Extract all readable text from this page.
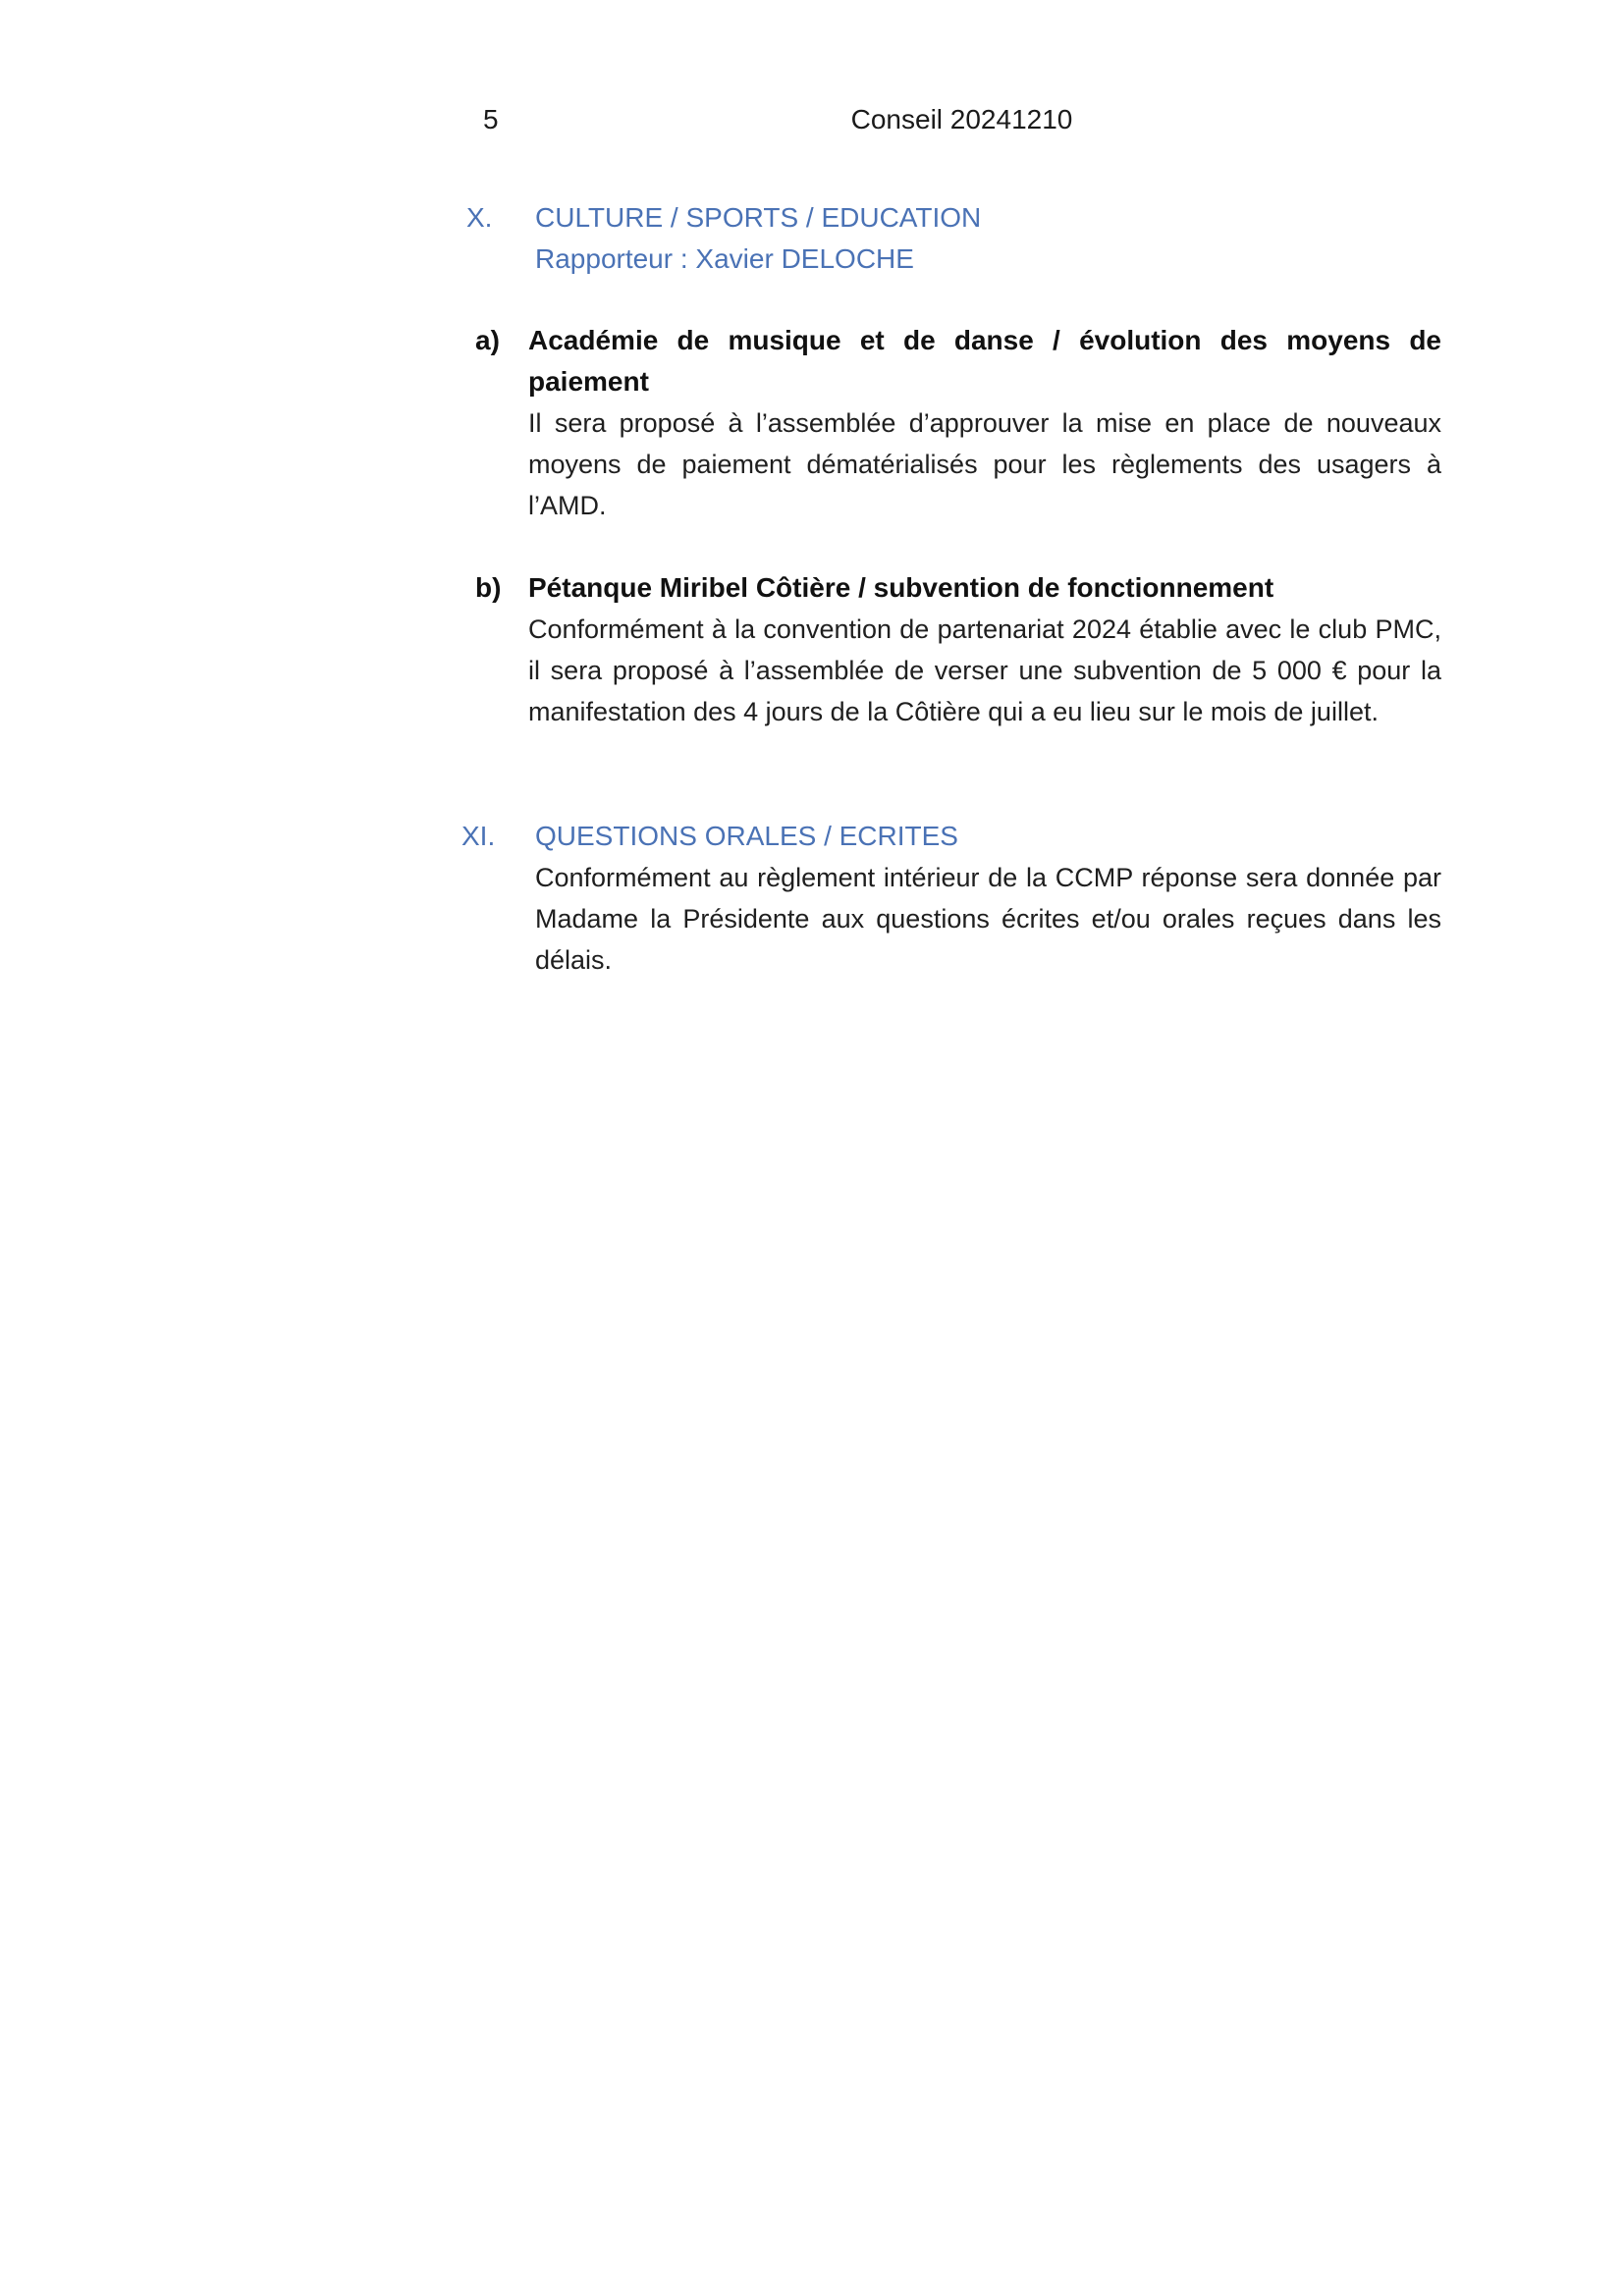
5	Conseil 20241210
X. CULTURE / SPORTS / EDUCATION
Rapporteur : Xavier DELOCHE
a) Académie de musique et de danse / évolution des moyens de paiement
Il sera proposé à l’assemblée d’approuver la mise en place de nouveaux moyens de paiement dématérialisés pour les règlements des usagers à l’AMD.
b) Pétanque Miribel Côtière / subvention de fonctionnement
Conformément à la convention de partenariat 2024 établie avec le club PMC, il sera proposé à l’assemblée de verser une subvention de 5 000 € pour la manifestation des 4 jours de la Côtière qui a eu lieu sur le mois de juillet.
XI. QUESTIONS ORALES / ECRITES
Conformément au règlement intérieur de la CCMP réponse sera donnée par Madame la Présidente aux questions écrites et/ou orales reçues dans les délais.
